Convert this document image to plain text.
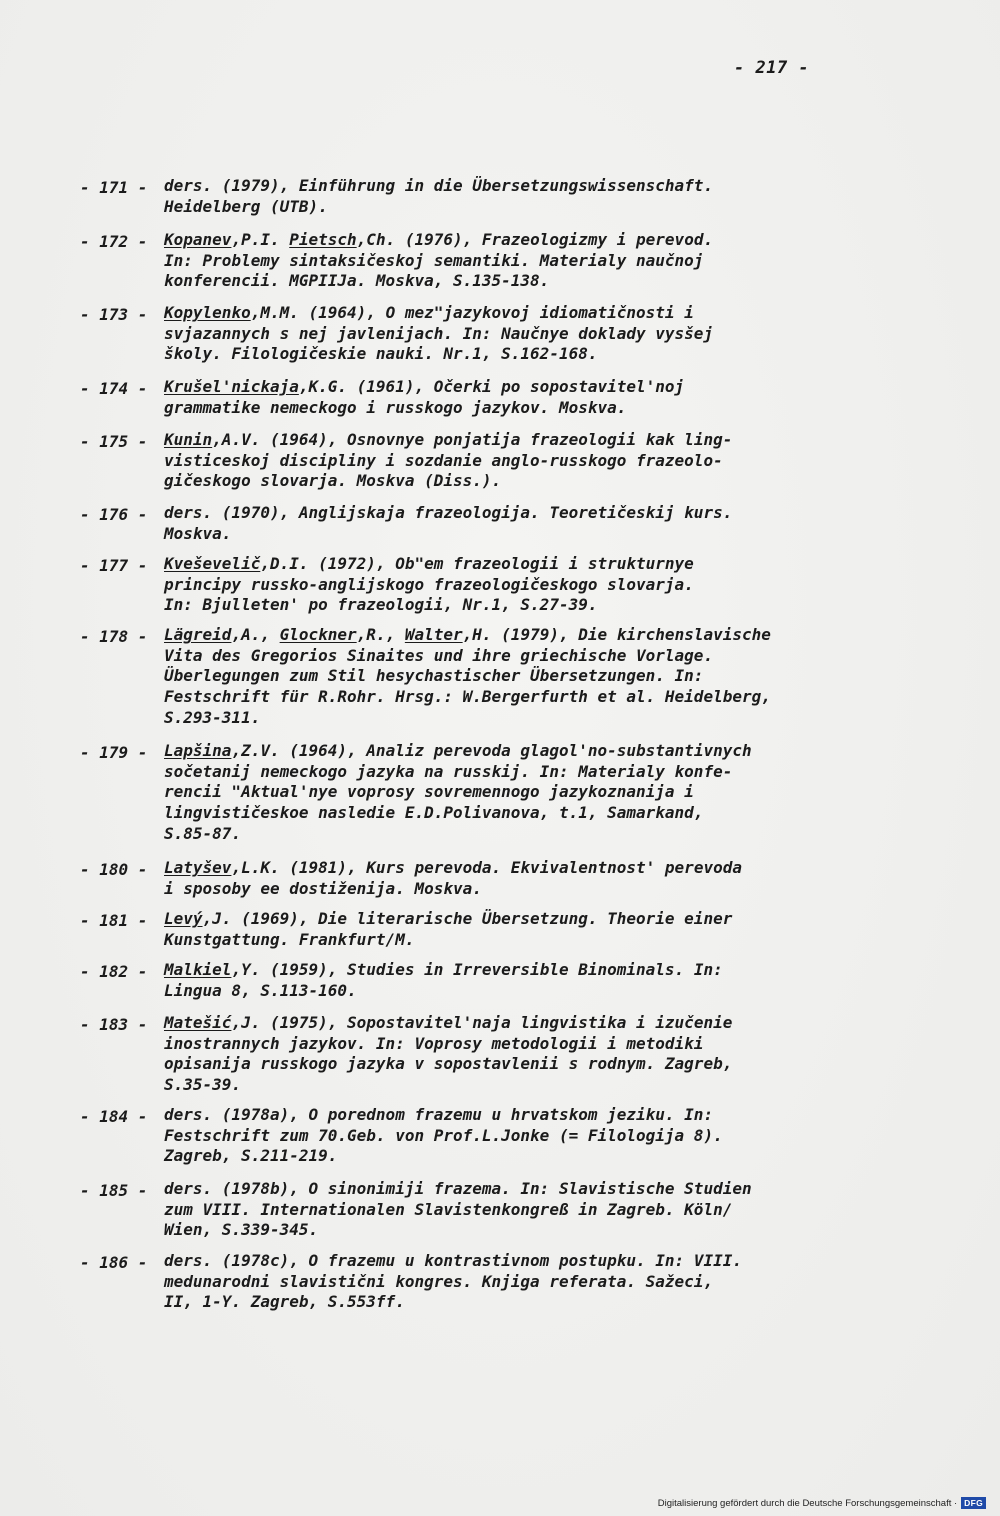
- 217 -
- 171 - ders. (1979), Einführung in die Übersetzungswissenschaft.
Heidelberg (UTB).
- 172 - Kopanev,P.I. Pietsch,Ch. (1976), Frazeologizmy i perevod.
In: Problemy sintaksičeskoj semantiki. Materialy naučnoj
konferencii. MGPIIJa. Moskva, S.135-138.
- 173 - Kopylenko,M.M. (1964), O mez"jazykovoj idiomatičnosti i
svjazannych s nej javlenijach. In: Naučnye doklady vysšej
školy. Filologičeskie nauki. Nr.1, S.162-168.
- 174 - Krušel'nickaja,K.G. (1961), Očerki po sopostavitel'noj
grammatike nemeckogo i russkogo jazykov. Moskva.
- 175 - Kunin,A.V. (1964), Osnovnye ponjatija frazeologii kak ling-
visticeskoj discipliny i sozdanie anglo-russkogo frazeolo-
gičeskogo slovarja. Moskva (Diss.).
- 176 - ders. (1970), Anglijskaja frazeologija. Teoretičeskij kurs.
Moskva.
- 177 - Kveševelič,D.I. (1972), Ob"em frazeologii i strukturnye
principy russko-anglijskogo frazeologičeskogo slovarja.
In: Bjulleten' po frazeologii, Nr.1, S.27-39.
- 178 - Lägreid,A., Glockner,R., Walter,H. (1979), Die kirchenslavische
Vita des Gregorios Sinaites und ihre griechische Vorlage.
Überlegungen zum Stil hesychastischer Übersetzungen. In:
Festschrift für R.Rohr. Hrsg.: W.Bergerfurth et al. Heidelberg,
S.293-311.
- 179 - Lapšina,Z.V. (1964), Analiz perevoda glagol'no-substantivnych
sočetanij nemeckogo jazyka na russkij. In: Materialy konfe-
rencii "Aktual'nye voprosy sovremennogo jazykoznanija i
lingvističeskoe nasledie E.D.Polivanova, t.1, Samarkand,
S.85-87.
- 180 - Latyšev,L.K. (1981), Kurs perevoda. Ekvivalentnost' perevoda
i sposoby ee dostiženija. Moskva.
- 181 - Levý,J. (1969), Die literarische Übersetzung. Theorie einer
Kunstgattung. Frankfurt/M.
- 182 - Malkiel,Y. (1959), Studies in Irreversible Binominals. In:
Lingua 8, S.113-160.
- 183 - Matešić,J. (1975), Sopostavitel'naja lingvistika i izučenie
inostrannych jazykov. In: Voprosy metodologii i metodiki
opisanija russkogo jazyka v sopostavlenii s rodnym. Zagreb,
S.35-39.
- 184 - ders. (1978a), O porednom frazemu u hrvatskom jeziku. In:
Festschrift zum 70.Geb. von Prof.L.Jonke (= Filologija 8).
Zagreb, S.211-219.
- 185 - ders. (1978b), O sinonimiji frazema. In: Slavistische Studien
zum VIII. Internationalen Slavistenkongreß in Zagreb. Köln/
Wien, S.339-345.
- 186 - ders. (1978c), O frazemu u kontrastivnom postupku. In: VIII.
medunarodni slavistični kongres. Knjiga referata. Sažeci,
II, 1-Y. Zagreb, S.553ff.
Digitalisierung gefördert durch die Deutsche Forschungsgemeinschaft · DFG
